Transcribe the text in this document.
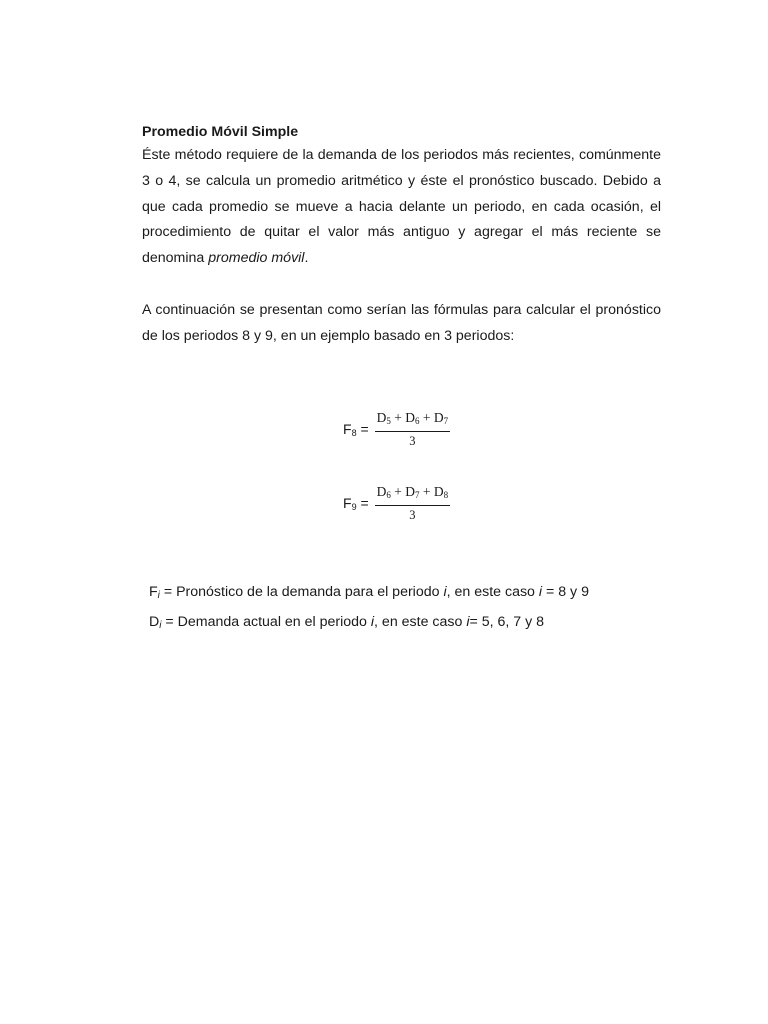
Promedio Móvil Simple

Éste método requiere de la demanda de los periodos más recientes, comúnmente 3 o 4, se calcula un promedio aritmético y éste el pronóstico buscado. Debido a que cada promedio se mueve a hacia delante un periodo, en cada ocasión, el procedimiento de quitar el valor más antiguo y agregar el más reciente se denomina promedio móvil.

A continuación se presentan como serían las fórmulas para calcular el pronóstico de los periodos 8 y 9, en un ejemplo basado en 3 periodos:

$F_8 = \frac{D_5 + D_6 + D_7}{3}$
$F_9 = \frac{D_6 + D_7 + D_8}{3}$
$F_i$ = Pronóstico de la demanda para el periodo i, en este caso i = 8 y 9
$D_i$ = Demanda actual en el periodo i, en este caso i= 5, 6, 7 y 8
